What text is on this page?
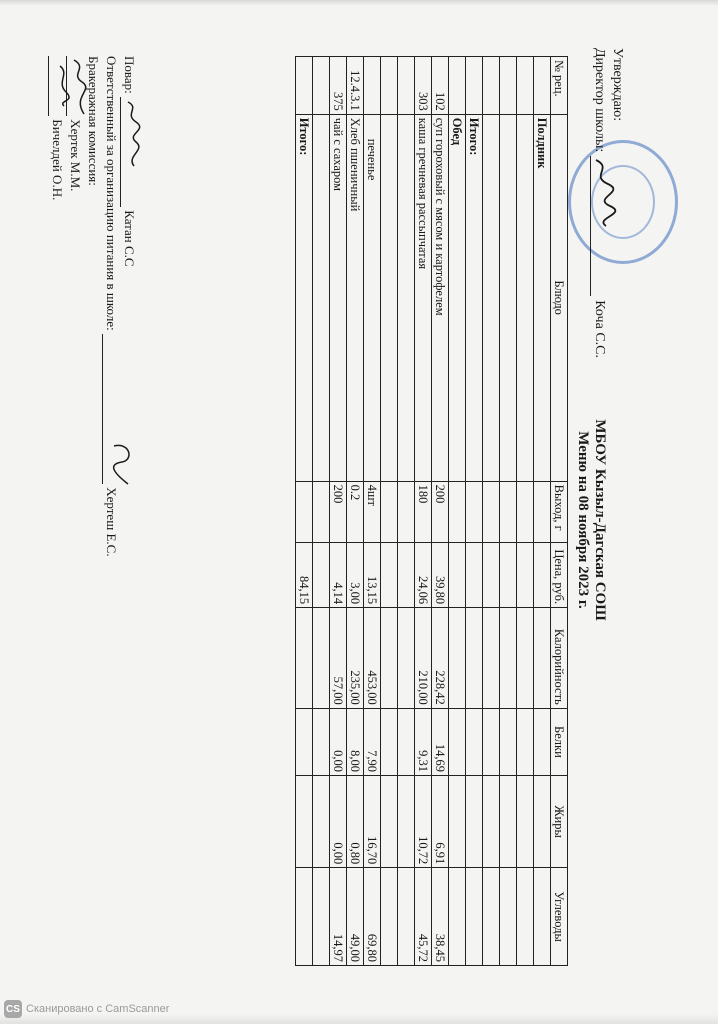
Утверждаю:
Директор школы:Коча С.С.
МБОУ Кызыл-Дагская СОШ
Меню на 08 ноября 2023 г.
№ рец.	Блюдо	Выход, г	Цена, руб.	Калорийность	Белки	Жиры	Углеводы
	Полдник						

	Итого:						
	Обед						
102	суп гороховый с мясом и картофелем	200	39,80	228,42	14,69	6,91	38,45
303	каша гречневая рассыпчатая	180	24,06	210,00	9,31	10,72	45,72

	печенье	4шт	13,15	453,00	7,90	16,70	69,80
12.4.3.1	Хлеб пшеничный	0.2	3,00	235,00	8,00	0,80	49,00
375	чай с сахаром	200	4,14	57,00	0,00	0,00	14,97

	Итого:		84,15				
Повар:  Катан С.С
Ответственный за организацию питания в школе:  Хертеш Е.С.
Бракеражная комиссия:
Хертек М.М.
Бичелдей О.Н.
CS Сканировано с CamScanner
